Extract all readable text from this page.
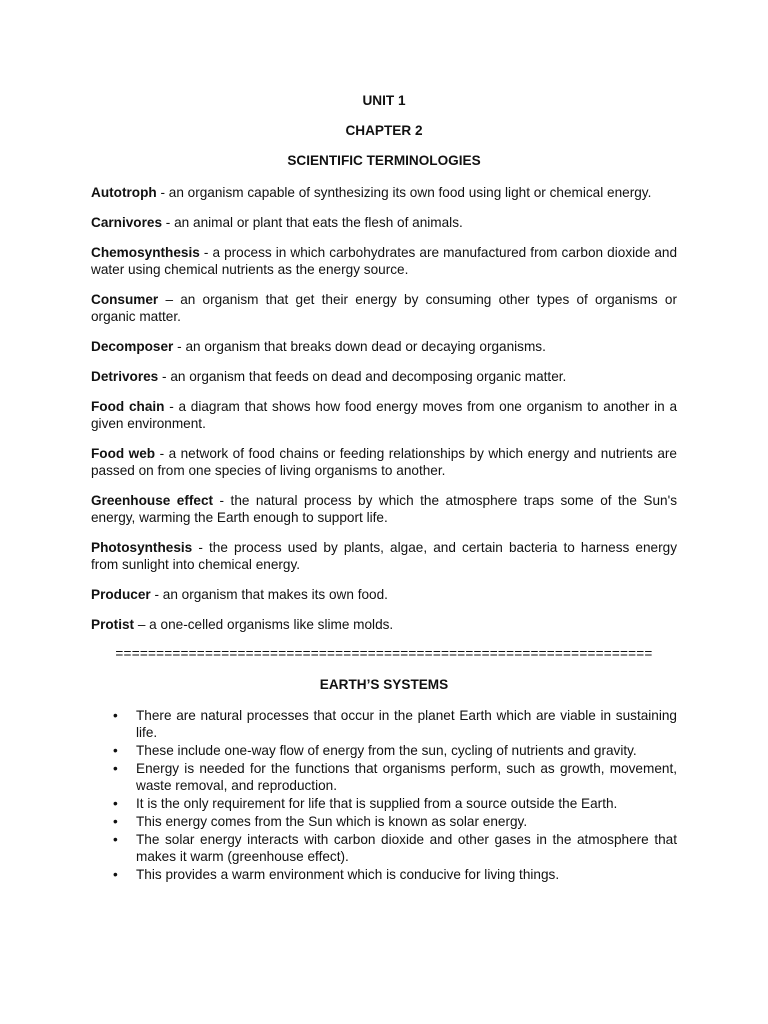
UNIT 1

CHAPTER 2

SCIENTIFIC TERMINOLOGIES

Autotroph - an organism capable of synthesizing its own food using light or chemical energy.

Carnivores - an animal or plant that eats the flesh of animals.

Chemosynthesis - a process in which carbohydrates are manufactured from carbon dioxide and water using chemical nutrients as the energy source.

Consumer – an organism that get their energy by consuming other types of organisms or organic matter.

Decomposer - an organism that breaks down dead or decaying organisms.

Detrivores - an organism that feeds on dead and decomposing organic matter.

Food chain - a diagram that shows how food energy moves from one organism to another in a given environment.

Food web - a network of food chains or feeding relationships by which energy and nutrients are passed on from one species of living organisms to another.

Greenhouse effect - the natural process by which the atmosphere traps some of the Sun's energy, warming the Earth enough to support life.

Photosynthesis - the process used by plants, algae, and certain bacteria to harness energy from sunlight into chemical energy.

Producer - an organism that makes its own food.

Protist – a one-celled organisms like slime molds.

==================================================================

EARTH’S SYSTEMS

• There are natural processes that occur in the planet Earth which are viable in sustaining life.
• These include one-way flow of energy from the sun, cycling of nutrients and gravity.
• Energy is needed for the functions that organisms perform, such as growth, movement, waste removal, and reproduction.
• It is the only requirement for life that is supplied from a source outside the Earth.
• This energy comes from the Sun which is known as solar energy.
• The solar energy interacts with carbon dioxide and other gases in the atmosphere that makes it warm (greenhouse effect).
• This provides a warm environment which is conducive for living things.
